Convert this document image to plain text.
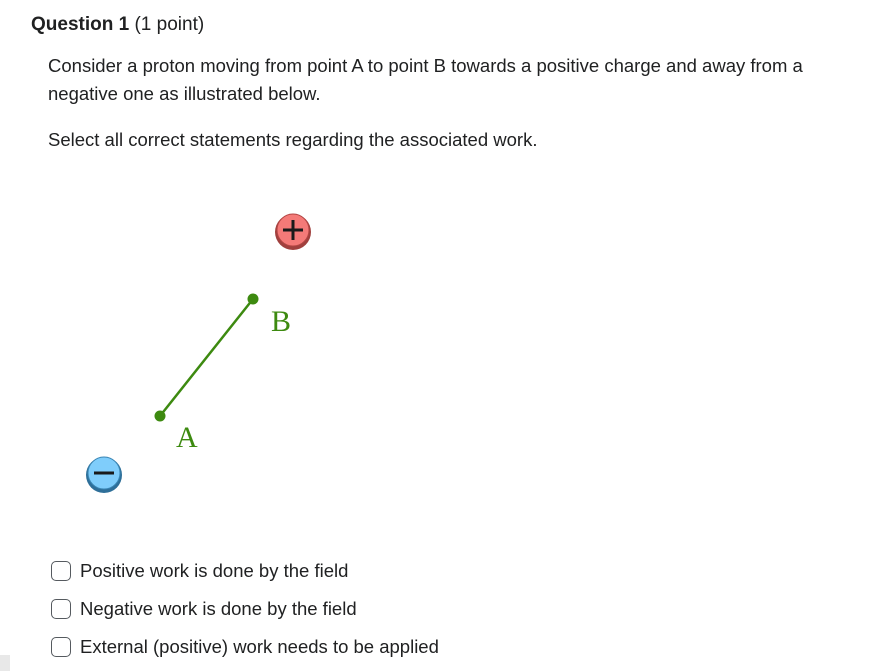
Question 1 (1 point)

Consider a proton moving from point A to point B towards a positive charge and away from a negative one as illustrated below.

Select all correct statements regarding the associated work.

A
B
Positive work is done by the field
Negative work is done by the field
External (positive) work needs to be applied
